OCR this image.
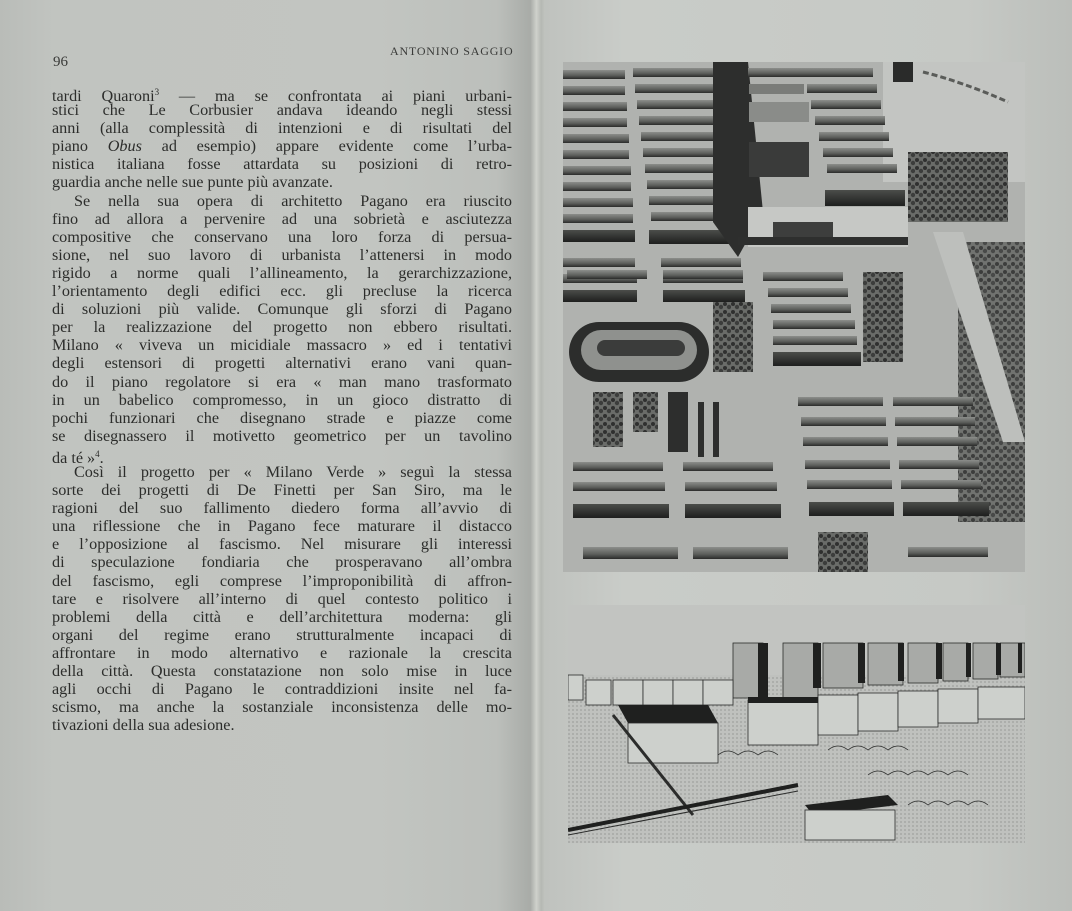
96
ANTONINO SAGGIO
tardi Quaroni$^3$ — ma se confrontata ai piani urbani-
stici che Le Corbusier andava ideando negli stessi
anni (alla complessità di intenzioni e di risultati del
piano Obus ad esempio) appare evidente come l’urba-
nistica italiana fosse attardata su posizioni di retro-
guardia anche nelle sue punte più avanzate.
Se nella sua opera di architetto Pagano era riuscito
fino ad allora a pervenire ad una sobrietà e asciutezza
compositive che conservano una loro forza di persua-
sione, nel suo lavoro di urbanista l’attenersi in modo
rigido a norme quali l’allineamento, la gerarchizzazione,
l’orientamento degli edifici ecc. gli precluse la ricerca
di soluzioni più valide. Comunque gli sforzi di Pagano
per la realizzazione del progetto non ebbero risultati.
Milano « viveva un micidiale massacro » ed i tentativi
degli estensori di progetti alternativi erano vani quan-
do il piano regolatore si era « man mano trasformato
in un babelico compromesso, in un gioco distratto di
pochi funzionari che disegnano strade e piazze come
se disegnassero il motivetto geometrico per un tavolino
da té »$^4$.
Così il progetto per « Milano Verde » seguì la stessa
sorte dei progetti di De Finetti per San Siro, ma le
ragioni del suo fallimento diedero forma all’avvio di
una riflessione che in Pagano fece maturare il distacco
e l’opposizione al fascismo. Nel misurare gli interessi
di speculazione fondiaria che prosperavano all’ombra
del fascismo, egli comprese l’improponibilità di affron-
tare e risolvere all’interno di quel contesto politico i
problemi della città e dell’architettura moderna: gli
organi del regime erano strutturalmente incapaci di
affrontare in modo alternativo e razionale la crescita
della città. Questa constatazione non solo mise in luce
agli occhi di Pagano le contraddizioni insite nel fa-
scismo, ma anche la sostanziale inconsistenza delle mo-
tivazioni della sua adesione.
